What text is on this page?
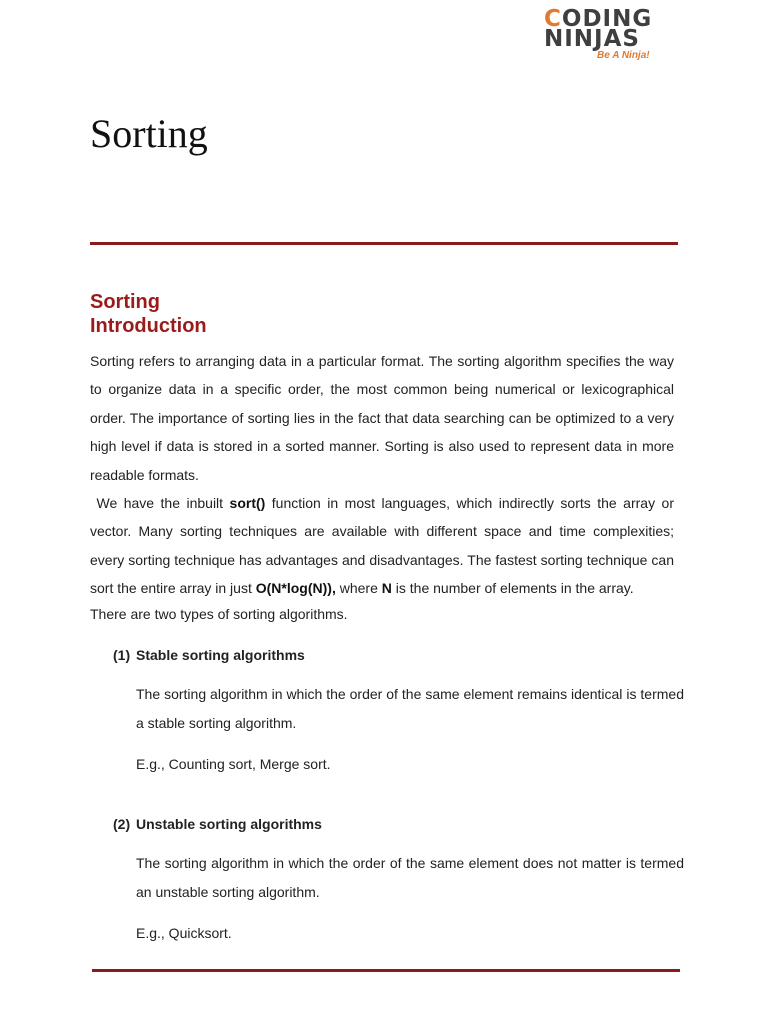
CODING
NINJAS
Be A Ninja!
Sorting
Sorting
Introduction

Sorting refers to arranging data in a particular format. The sorting algorithm specifies the way to organize data in a specific order, the most common being numerical or lexicographical order. The importance of sorting lies in the fact that data searching can be optimized to a very high level if data is stored in a sorted manner. Sorting is also used to represent data in more readable formats.

We have the inbuilt sort() function in most languages, which indirectly sorts the array or vector. Many sorting techniques are available with different space and time complexities; every sorting technique has advantages and disadvantages. The fastest sorting technique can sort the entire array in just O(N*log(N)), where N is the number of elements in the array.

There are two types of sorting algorithms.

(1) Stable sorting algorithms

The sorting algorithm in which the order of the same element remains identical is termed a stable sorting algorithm.

E.g., Counting sort, Merge sort.

(2) Unstable sorting algorithms

The sorting algorithm in which the order of the same element does not matter is termed an unstable sorting algorithm.

E.g., Quicksort.
